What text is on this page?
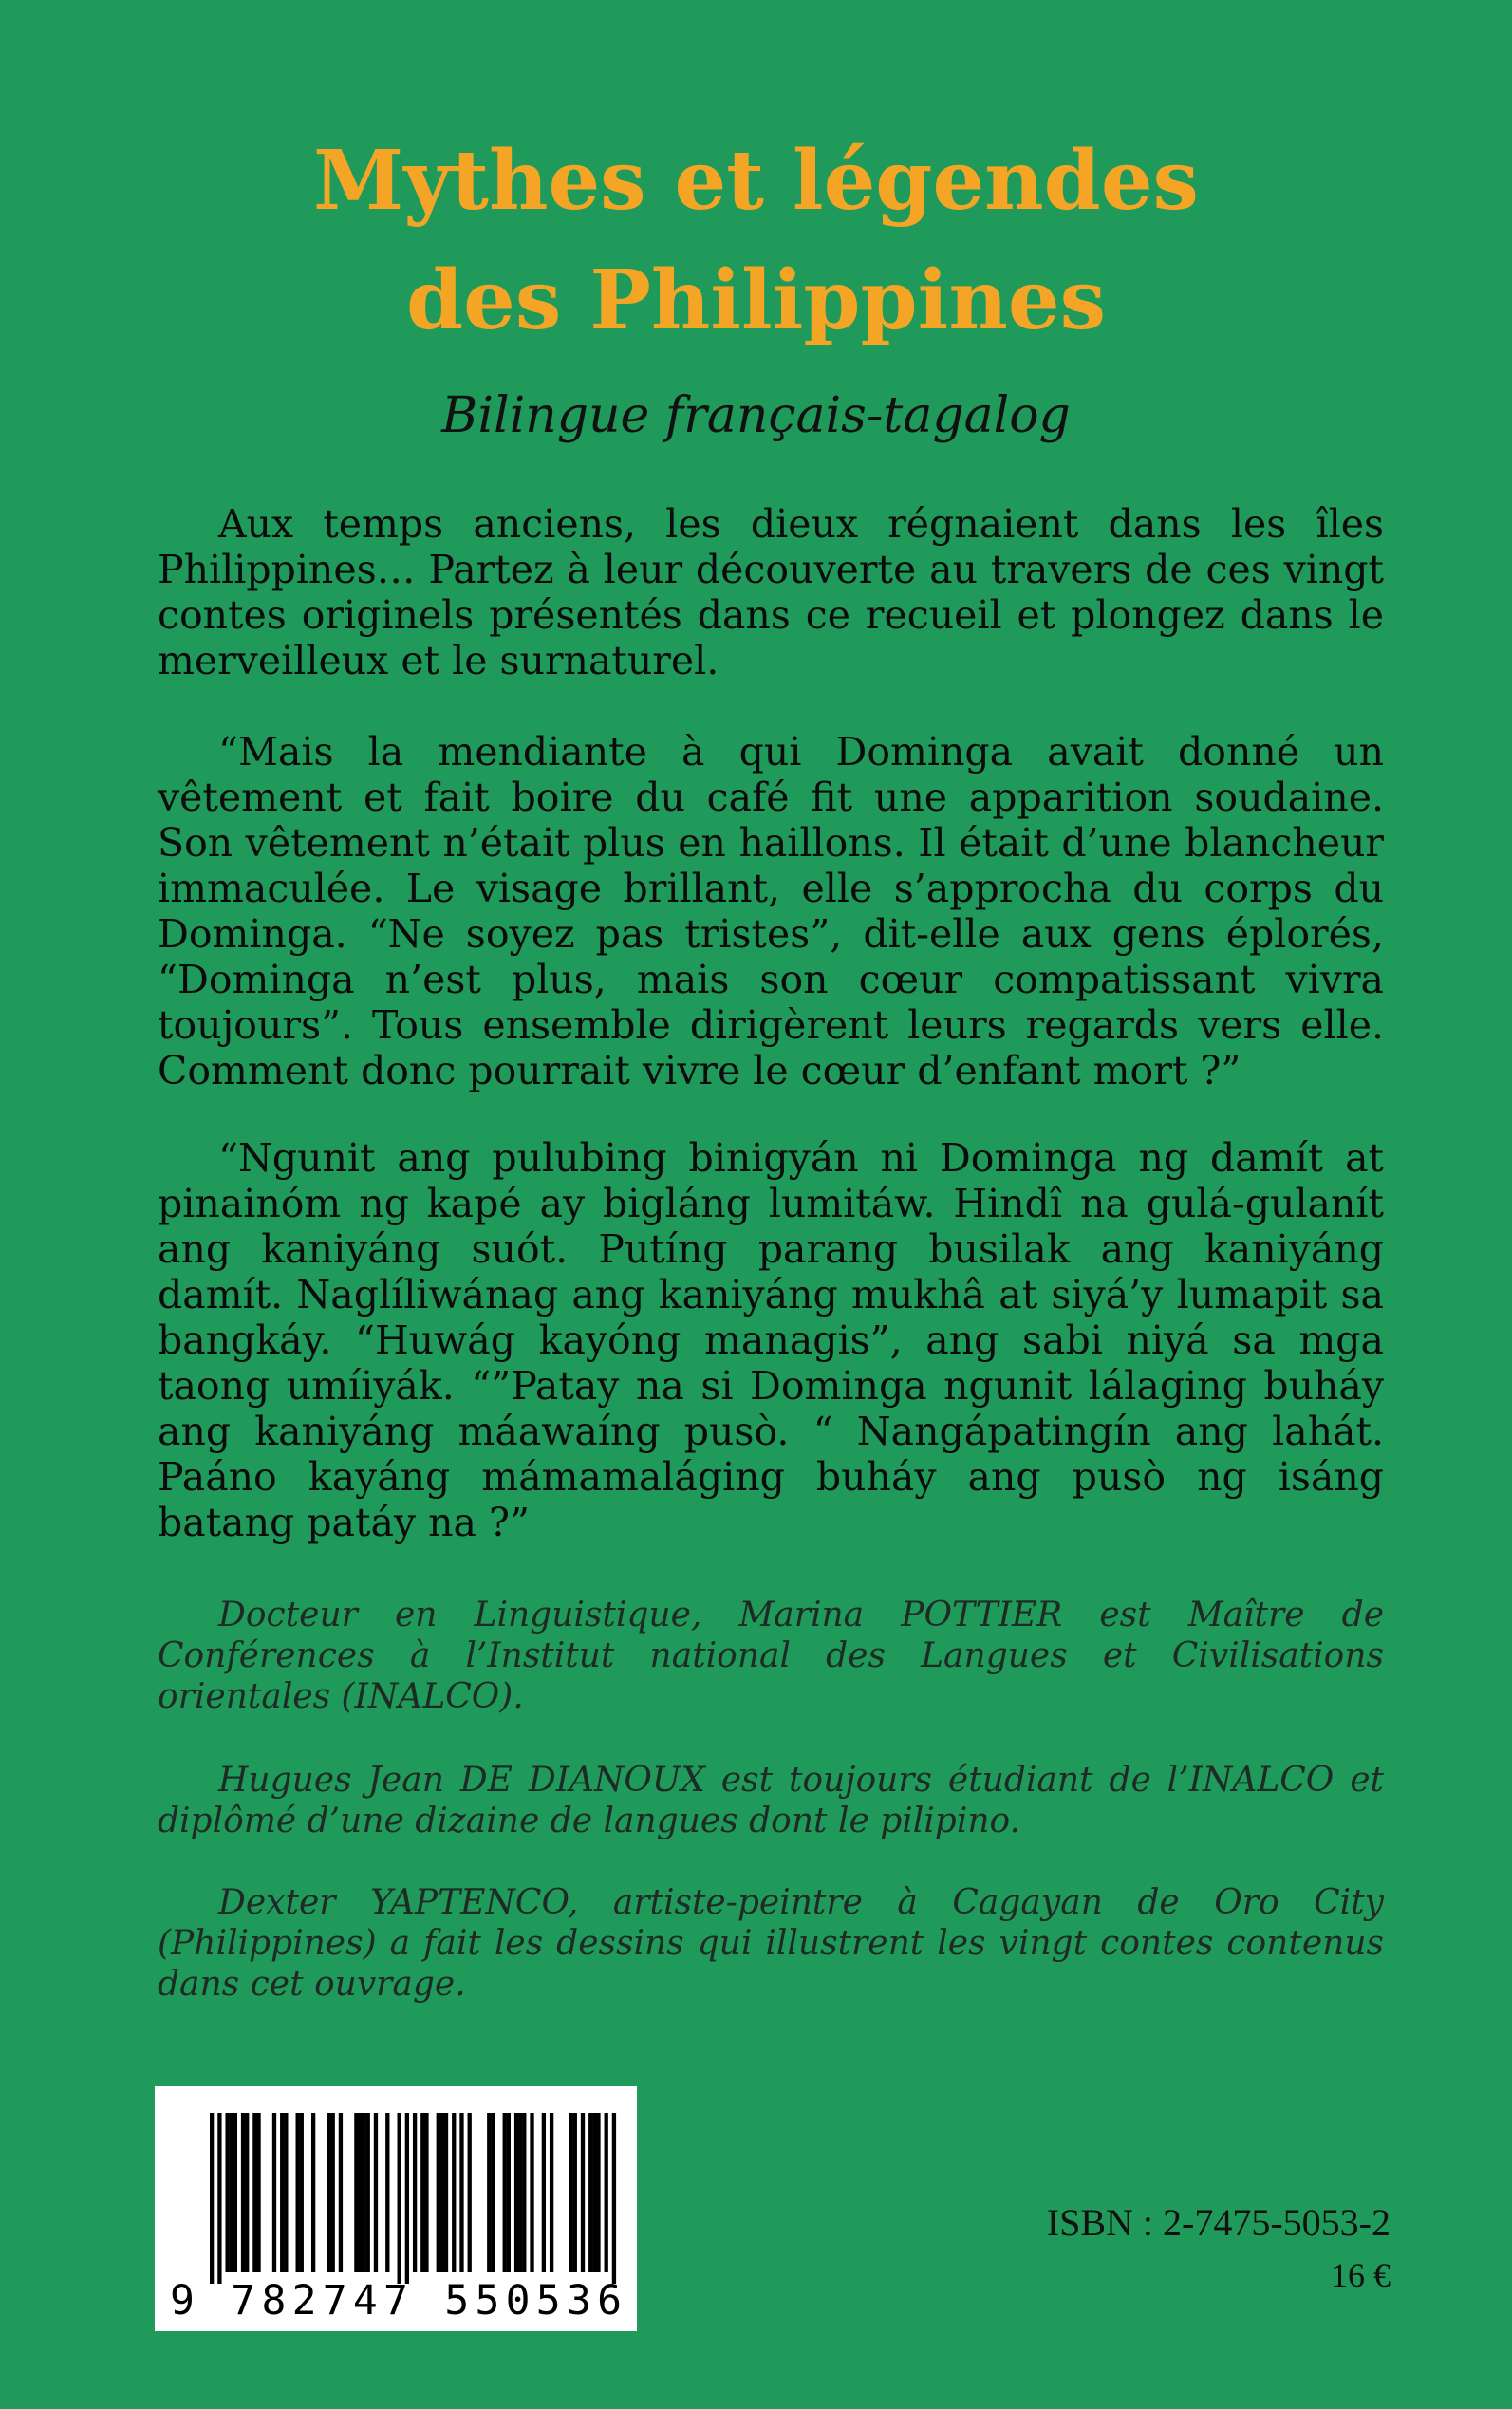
Mythes et légendes
des Philippines

Bilingue français-tagalog

Aux temps anciens, les dieux régnaient dans les îles Philippines… Partez à leur découverte au travers de ces vingt contes originels présentés dans ce recueil et plongez dans le merveilleux et le surnaturel.

“Mais la mendiante à qui Dominga avait donné un vêtement et fait boire du café fit une apparition soudaine. Son vêtement n’était plus en haillons. Il était d’une blancheur immaculée. Le visage brillant, elle s’approcha du corps du Dominga. “Ne soyez pas tristes”, dit-elle aux gens éplorés, “Dominga n’est plus, mais son cœur compatissant vivra toujours”. Tous ensemble dirigèrent leurs regards vers elle. Comment donc pourrait vivre le cœur d’enfant mort ?”

“Ngunit ang pulubing binigyán ni Dominga ng damít at pinainóm ng kapé ay bigláng lumitáw. Hindî na gulá-gulanít ang kaniyáng suót. Putíng parang busilak ang kaniyáng damít. Naglíliwánag ang kaniyáng mukhâ at siyá’y lumapit sa bangkáy. “Huwág kayóng managis”, ang sabi niyá sa mga taong umíiyák. “”Patay na si Dominga ngunit lálaging buháy ang kaniyáng máawaíng pusò. “ Nangápatingín ang lahát. Paáno kayáng mámamaláging buháy ang pusò ng isáng batang patáy na ?”

Docteur en Linguistique, Marina POTTIER est Maître de Conférences à l’Institut national des Langues et Civilisations orientales (INALCO).

Hugues Jean DE DIANOUX est toujours étudiant de l’INALCO et diplômé d’une dizaine de langues dont le pilipino.

Dexter YAPTENCO, artiste-peintre à Cagayan de Oro City (Philippines) a fait les dessins qui illustrent les vingt contes contenus dans cet ouvrage.

9 782747 550536

ISBN : 2-7475-5053-2

16 €
